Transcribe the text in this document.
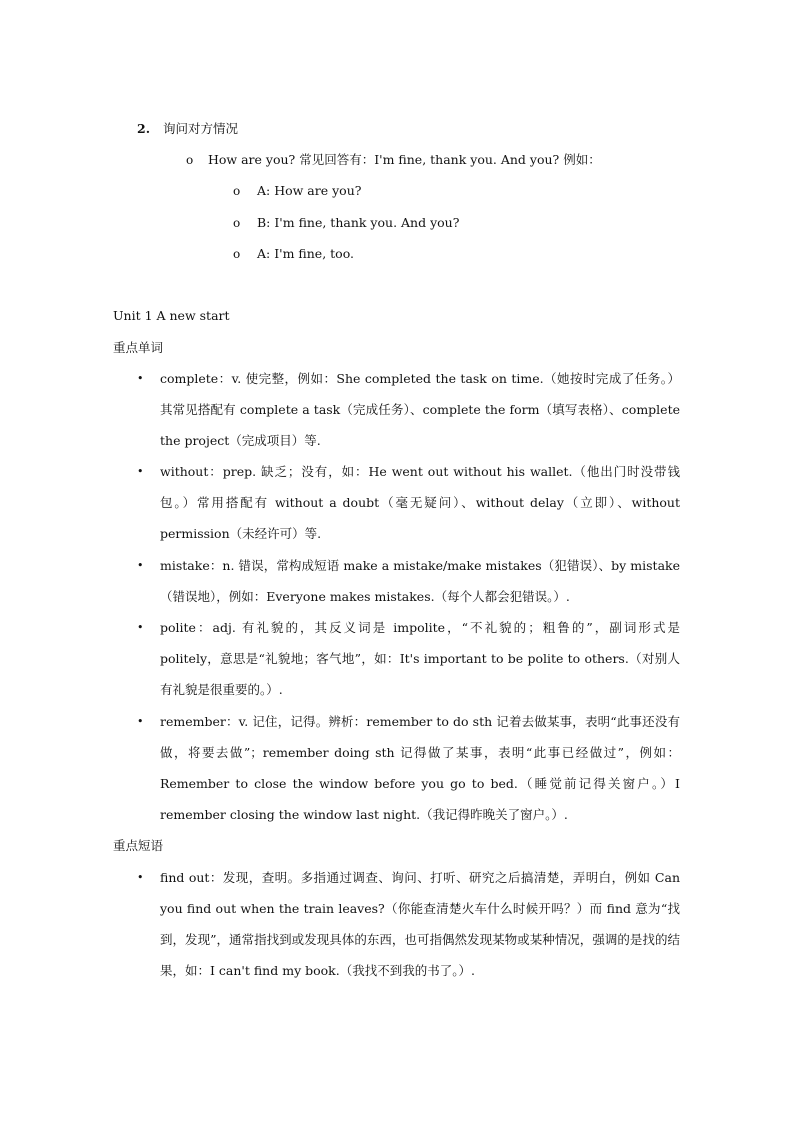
2. 询问对方情况
o How are you? 常见回答有：I'm fine, thank you. And you? 例如：
o A: How are you?
o B: I'm fine, thank you. And you?
o A: I'm fine, too.
Unit 1 A new start
重点单词
• complete：v. 使完整，例如：She completed the task on time.（她按时完成了任务。）其常见搭配有 complete a task（完成任务）、complete the form（填写表格）、complete the project（完成项目）等.
• without：prep. 缺乏；没有，如：He went out without his wallet.（他出门时没带钱包。）常用搭配有 without a doubt（毫无疑问）、without delay（立即）、without permission（未经许可）等.
• mistake：n. 错误，常构成短语 make a mistake/make mistakes（犯错误）、by mistake（错误地），例如：Everyone makes mistakes.（每个人都会犯错误。）.
• polite：adj. 有礼貌的，其反义词是 impolite，“不礼貌的；粗鲁的”，副词形式是 politely，意思是“礼貌地；客气地”，如：It's important to be polite to others.（对别人有礼貌是很重要的。）.
• remember：v. 记住，记得。辨析：remember to do sth 记着去做某事，表明“此事还没有做，将要去做”；remember doing sth 记得做了某事，表明“此事已经做过”，例如：Remember to close the window before you go to bed.（睡觉前记得关窗户。）I remember closing the window last night.（我记得昨晚关了窗户。）.
重点短语
• find out：发现，查明。多指通过调查、询问、打听、研究之后搞清楚，弄明白，例如 Can you find out when the train leaves?（你能查清楚火车什么时候开吗？）而 find 意为“找到，发现”，通常指找到或发现具体的东西，也可指偶然发现某物或某种情况，强调的是找的结果，如：I can't find my book.（我找不到我的书了。）.
